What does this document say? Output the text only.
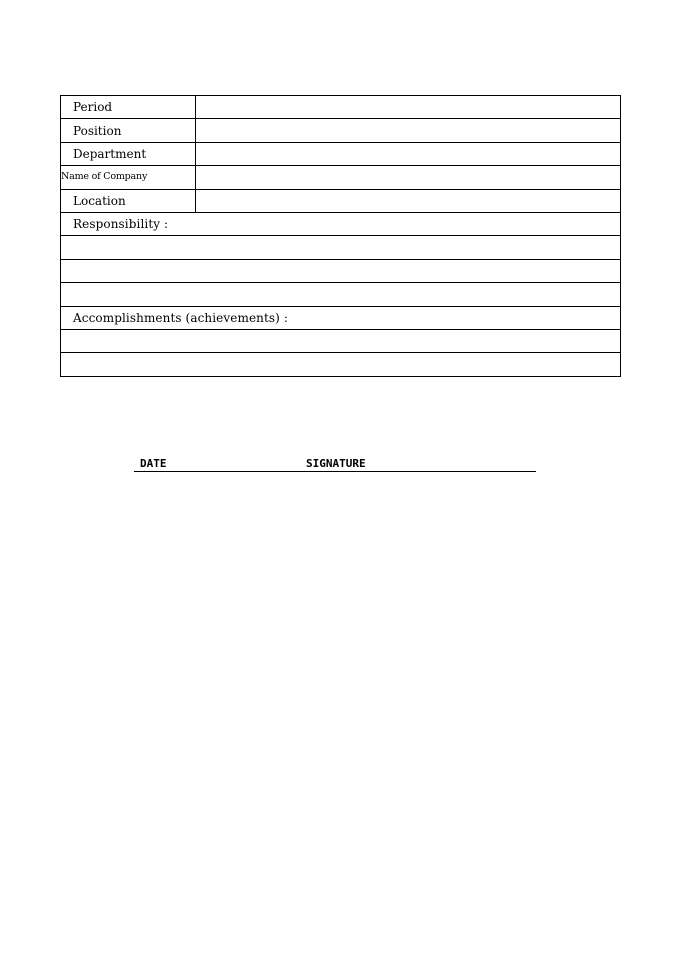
Period	
Position	
Department	
Name of Company	
Location	
Responsibility :	

Accomplishments (achievements) :	

DATE	SIGNATURE
